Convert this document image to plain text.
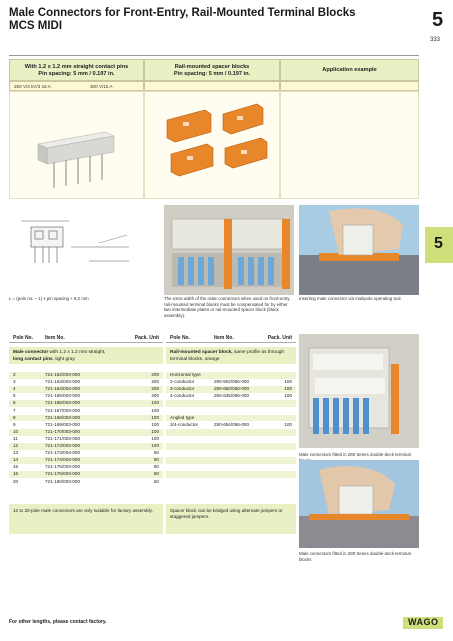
Male Connectors for Front-Entry, Rail-Mounted Terminal Blocks
MCS MIDI	5
333
With 1.2 x 1.2 mm straight contact pins
Pin spacing: 5 mm / 0.197 in.
Rail-mounted spacer blocks
Pin spacing: 5 mm / 0.197 in.
Application example
250 V/4 kV/3 16 A	300 V/15 A
5
L = (pole no. – 1) x pin spacing + 8.2 mm	The extra width of the male connectors when used on front-entry, rail-mounted terminal blocks must be compensated for by either two intermediate plates or rail-mounted spacer block (black assembly).
Inserting male connector via multipole operating tool.
Pole No. Item No.	Pack. Unit
Male connector with 1.2 x 1.2 mm straight,
long contact pins, light gray
2	721-162/003-000	200
3	721-163/003-000	200
4	721-164/003-000	200
5	721-165/003-000	200
6	721-166/003-000	100
7	721-167/003-000	100
8	721-168/003-000	100
9	721-169/003-000	100
10	721-170/003-000	100
11	721-171/003-000	100
12	721-172/003-000	100
13	721-173/003-000	50
14	721-174/003-000	50
15	721-175/003-000	50
16	721-176/003-000	50
20	721-180/003-000	50
12 to 20-pole male connectors are only suitable for factory assembly.
Pole No.	Item No.	Pack. Unit
Rail-mounted spacer block, same profile as through terminal blocks, orange
Horizontal type
2-conductor	280-902/056-000	100
3-conductor	280-650/056-000	100
4-conductor	280-835/056-000	100
Angled type
3/4-conductor	280-654/056-000	100
Spacer block can be bridged using alternate jumpers or staggered jumpers.
Male connectors fitted in 280 Series double-deck terminal
Male connectors fitted in 280 Series double-deck terminal blocks
For other lengths, please contact factory.	WAGO
